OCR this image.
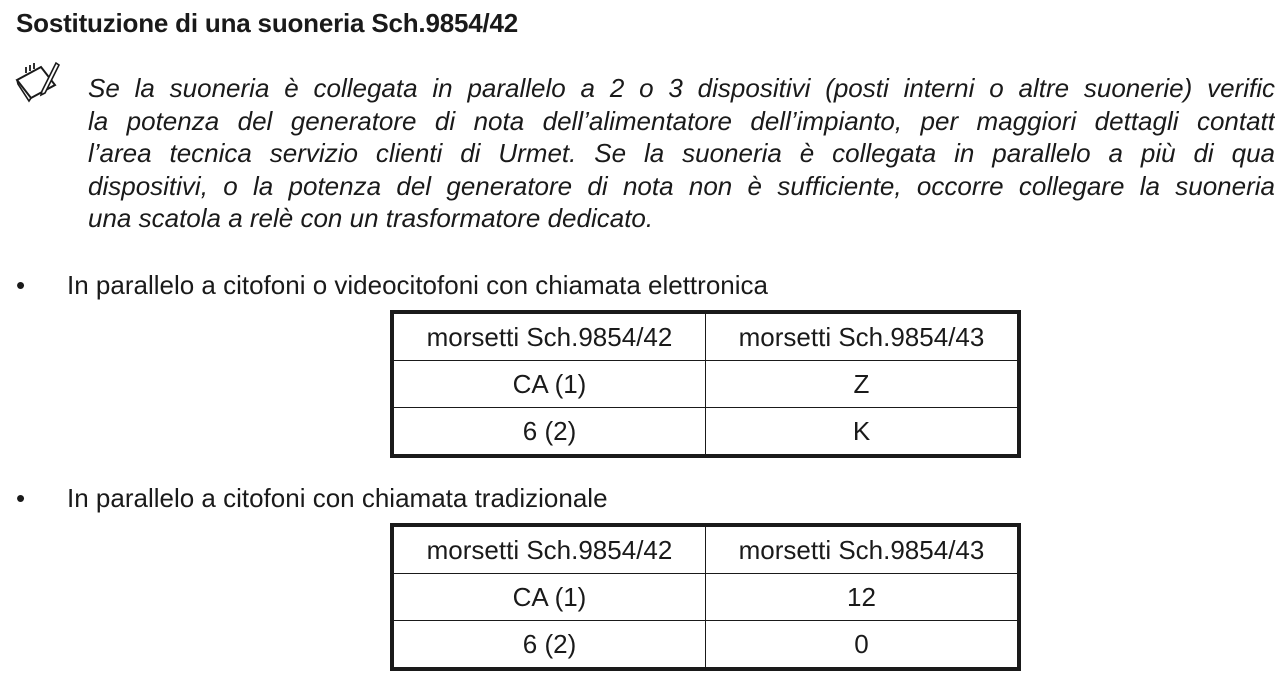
Sostituzione di una suoneria Sch.9854/42
Se la suoneria è collegata in parallelo a 2 o 3 dispositivi (posti interni o altre suonerie) verific
la potenza del generatore di nota dell’alimentatore dell’impianto, per maggiori dettagli contatt
l’area tecnica servizio clienti di Urmet. Se la suoneria è collegata in parallelo a più di qua
dispositivi, o la potenza del generatore di nota non è sufficiente, occorre collegare la suoneria
una scatola a relè con un trasformatore dedicato.
• In parallelo a citofoni o videocitofoni con chiamata elettronica
morsetti Sch.9854/42	morsetti Sch.9854/43
CA (1)	Z
6 (2)	K
• In parallelo a citofoni con chiamata tradizionale
morsetti Sch.9854/42	morsetti Sch.9854/43
CA (1)	12
6 (2)	0
